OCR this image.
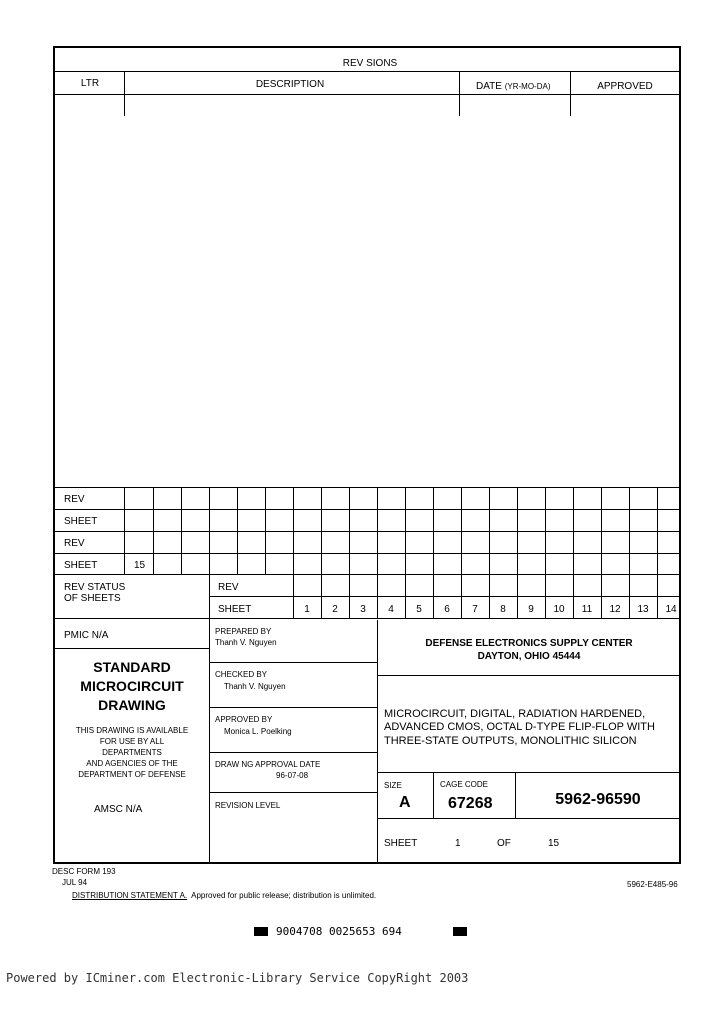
REV SIONS
LTR	DESCRIPTION	DATE (YR-MO-DA)	APPROVED
REV
SHEET
REV
SHEET	15
REV STATUS
OF SHEETS
REV
SHEET	1	2	3	4	5	6	7	8	9	10	11	12	13	14
PMIC N/A
STANDARD
MICROCIRCUIT
DRAWING
THIS DRAWING IS AVAILABLE
FOR USE BY ALL
DEPARTMENTS
AND AGENCIES OF THE
DEPARTMENT OF DEFENSE
AMSC N/A
PREPARED BY
Thanh V. Nguyen
CHECKED BY
Thanh V. Nguyen
APPROVED BY
Monica L. Poelking
DRAW NG APPROVAL DATE
96-07-08
REVISION LEVEL
DEFENSE ELECTRONICS SUPPLY CENTER
DAYTON, OHIO 45444
MICROCIRCUIT, DIGITAL, RADIATION HARDENED,
ADVANCED CMOS, OCTAL D-TYPE FLIP-FLOP WITH
THREE-STATE OUTPUTS, MONOLITHIC SILICON
SIZE
A
CAGE CODE
67268	5962-96590
SHEET	1	OF	15
DESC FORM 193
JUL 94
DISTRIBUTION STATEMENT A. Approved for public release; distribution is unlimited.
5962-E485-96
9004708 0025653 694
Powered by ICminer.com Electronic-Library Service CopyRight 2003
